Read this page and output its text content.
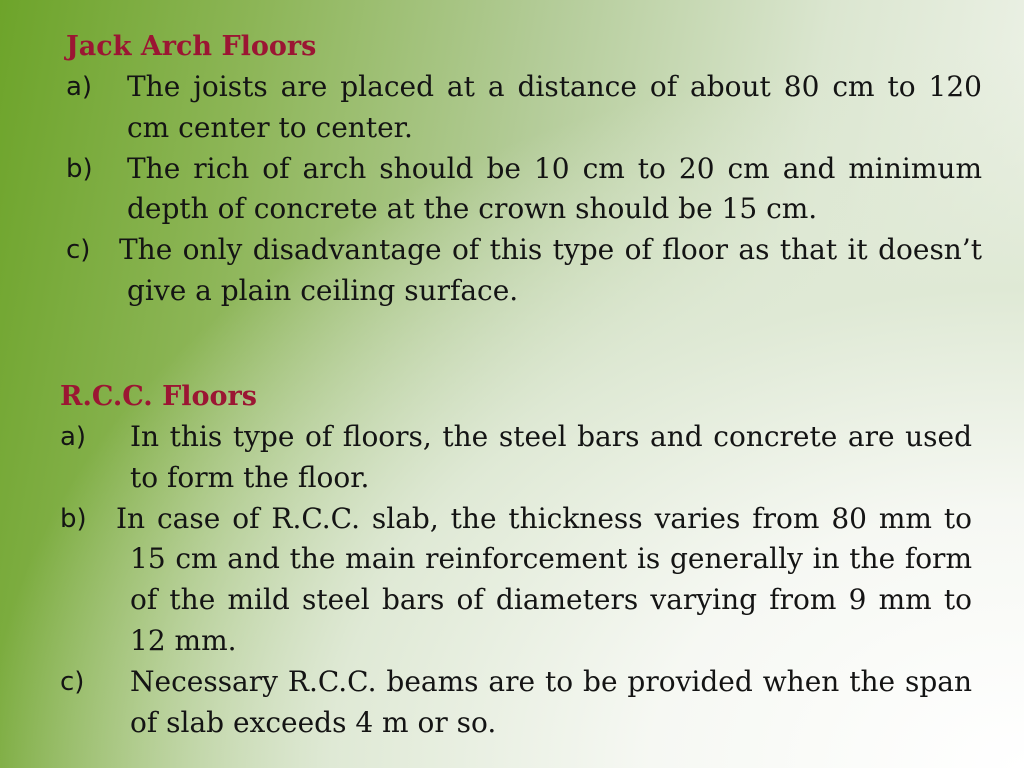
Jack Arch Floors
a) The joists are placed at a distance of about 80 cm to 120 cm center to center.
b) The rich of arch should be 10 cm to 20 cm and minimum depth of concrete at the crown should be 15 cm.
c) The only disadvantage of this type of floor as that it doesn’t give a plain ceiling surface.
R.C.C. Floors
a) In this type of floors, the steel bars and concrete are used to form the floor.
b) In case of R.C.C. slab, the thickness varies from 80 mm to 15 cm and the main reinforcement is generally in the form of the mild steel bars of diameters varying from 9 mm to 12 mm.
c) Necessary R.C.C. beams are to be provided when the span of slab exceeds 4 m or so.
